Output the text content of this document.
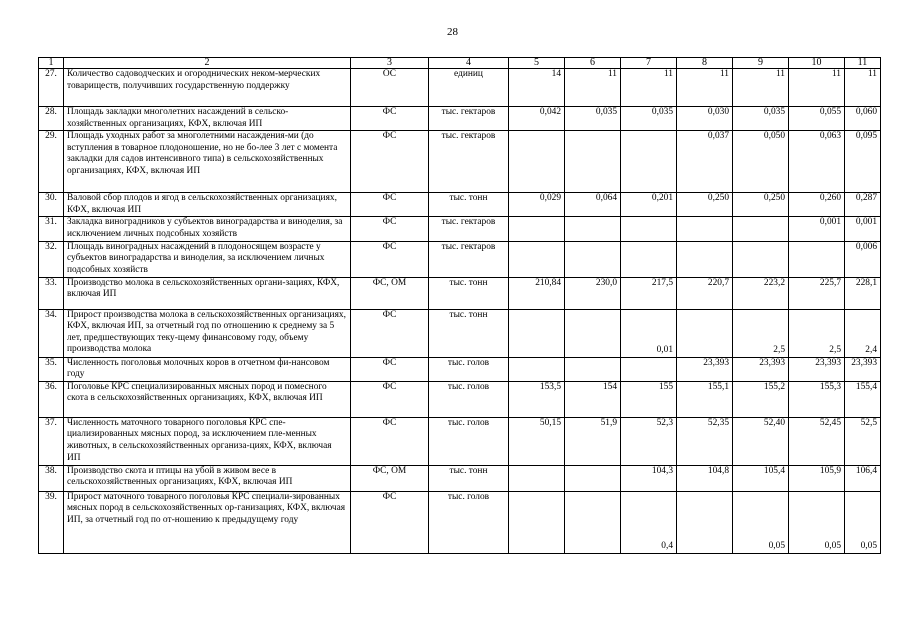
28
1	2	3	4	5	6	7	8	9	10	11
27.	Количество садоводческих и огороднических неком-мерческих товариществ, получивших государственную поддержку	ОС	единиц	14	11	11	11	11	11	11
28.	Площадь закладки многолетних насаждений в сельско-хозяйственных организациях, КФХ, включая ИП	ФС	тыс. гектаров	0,042	0,035	0,035	0,030	0,035	0,055	0,060
29.	Площадь уходных работ за многолетними насаждения-ми (до вступления в товарное плодоношение, но не бо-лее 3 лет с момента закладки для садов интенсивного типа) в сельскохозяйственных организациях, КФХ, включая ИП	ФС	тыс. гектаров				0,037	0,050	0,063	0,095
30.	Валовой сбор плодов и ягод в сельскохозяйственных организациях, КФХ, включая ИП	ФС	тыс. тонн	0,029	0,064	0,201	0,250	0,250	0,260	0,287
31.	Закладка виноградников у субъектов виноградарства и виноделия, за исключением личных подсобных хозяйств	ФС	тыс. гектаров						0,001	0,001
32.	Площадь виноградных насаждений в плодоносящем возрасте у субъектов виноградарства и виноделия, за исключением личных подсобных хозяйств	ФС	тыс. гектаров							0,006
33.	Производство молока в сельскохозяйственных органи-зациях, КФХ, включая ИП	ФС, ОМ	тыс. тонн	210,84	230,0	217,5	220,7	223,2	225,7	228,1
34.	Прирост производства молока в сельскохозяйственных организациях, КФХ, включая ИП, за отчетный год по отношению к среднему за 5 лет, предшествующих теку-щему финансовому году, объему производства молока	ФС	тыс. тонн			0,01		2,5	2,5	2,4
35.	Численность поголовья молочных коров в отчетном фи-нансовом году	ФС	тыс. голов				23,393	23,393	23,393	23,393
36.	Поголовье КРС специализированных мясных пород и помесного скота в сельскохозяйственных организациях, КФХ, включая ИП	ФС	тыс. голов	153,5	154	155	155,1	155,2	155,3	155,4
37.	Численность маточного товарного поголовья КРС спе-циализированных мясных пород, за исключением пле-менных животных, в сельскохозяйственных организа-циях, КФХ, включая ИП	ФС	тыс. голов	50,15	51,9	52,3	52,35	52,40	52,45	52,5
38.	Производство скота и птицы на убой в живом весе в сельскохозяйственных организациях, КФХ, включая ИП	ФС, ОМ	тыс. тонн			104,3	104,8	105,4	105,9	106,4
39.	Прирост маточного товарного поголовья КРС специали-зированных мясных пород в сельскохозяйственных ор-ганизациях, КФХ, включая ИП, за отчетный год по от-ношению к предыдущему году	ФС	тыс. голов			0,4		0,05	0,05	0,05
